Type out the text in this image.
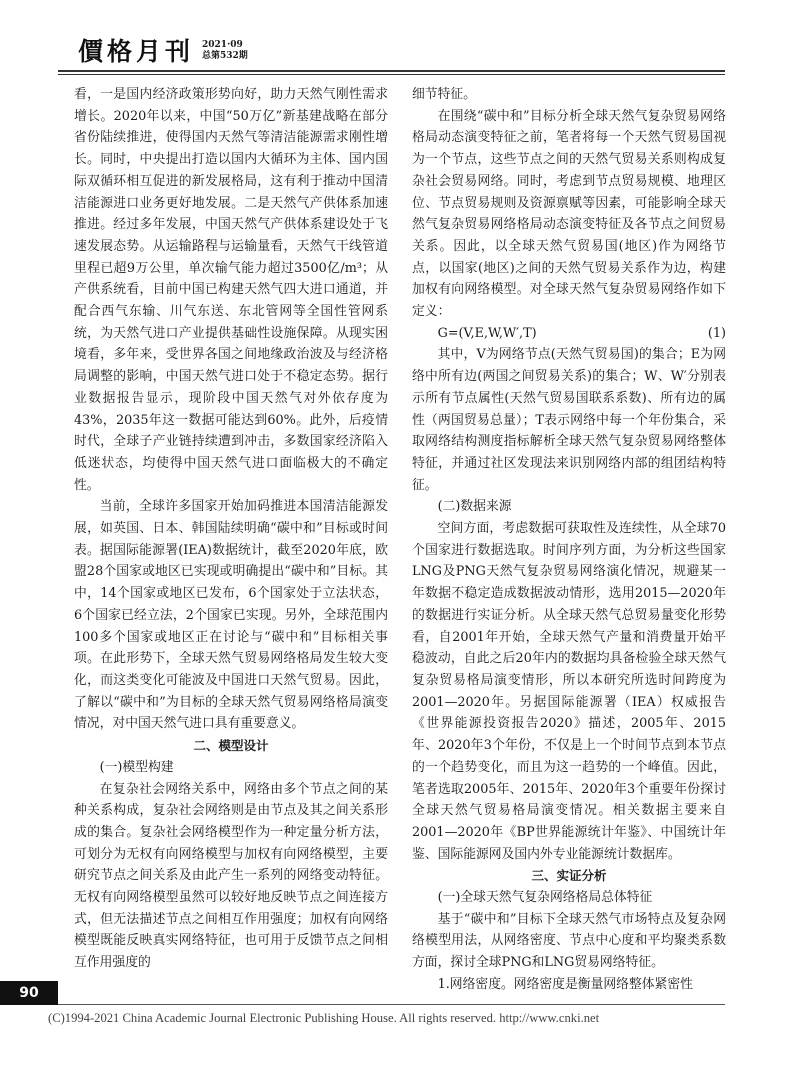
價格月刊 2021·09
总第532期

看，一是国内经济政策形势向好，助力天然气刚性需求增长。2020年以来，中国“50万亿”新基建战略在部分省份陆续推进，使得国内天然气等清洁能源需求刚性增长。同时，中央提出打造以国内大循环为主体、国内国际双循环相互促进的新发展格局，这有利于推动中国清洁能源进口业务更好地发展。二是天然气产供体系加速推进。经过多年发展，中国天然气产供体系建设处于飞速发展态势。从运输路程与运输量看，天然气干线管道里程已超9万公里，单次输气能力超过3500亿/m³；从产供系统看，目前中国已构建天然气四大进口通道，并配合西气东输、川气东送、东北管网等全国性管网系统，为天然气进口产业提供基础性设施保障。从现实困境看，多年来，受世界各国之间地缘政治波及与经济格局调整的影响，中国天然气进口处于不稳定态势。据行业数据报告显示，现阶段中国天然气对外依存度为43%，2035年这一数据可能达到60%。此外，后疫情时代，全球子产业链持续遭到冲击，多数国家经济陷入低迷状态，均使得中国天然气进口面临极大的不确定性。

当前，全球许多国家开始加码推进本国清洁能源发展，如英国、日本、韩国陆续明确“碳中和”目标或时间表。据国际能源署(IEA)数据统计，截至2020年底，欧盟28个国家或地区已实现或明确提出“碳中和”目标。其中，14个国家或地区已发布，6个国家处于立法状态，6个国家已经立法，2个国家已实现。另外，全球范围内100多个国家或地区正在讨论与“碳中和”目标相关事项。在此形势下，全球天然气贸易网络格局发生较大变化，而这类变化可能波及中国进口天然气贸易。因此，了解以“碳中和”为目标的全球天然气贸易网络格局演变情况，对中国天然气进口具有重要意义。

二、模型设计

(一)模型构建

在复杂社会网络关系中，网络由多个节点之间的某种关系构成，复杂社会网络则是由节点及其之间关系形成的集合。复杂社会网络模型作为一种定量分析方法，可划分为无权有向网络模型与加权有向网络模型，主要研究节点之间关系及由此产生一系列的网络变动特征。无权有向网络模型虽然可以较好地反映节点之间连接方式，但无法描述节点之间相互作用强度；加权有向网络模型既能反映真实网络特征，也可用于反馈节点之间相互作用强度的

细节特征。

在围绕“碳中和”目标分析全球天然气复杂贸易网络格局动态演变特征之前，笔者将每一个天然气贸易国视为一个节点，这些节点之间的天然气贸易关系则构成复杂社会贸易网络。同时，考虑到节点贸易规模、地理区位、节点贸易规则及资源禀赋等因素，可能影响全球天然气复杂贸易网络格局动态演变特征及各节点之间贸易关系。因此，以全球天然气贸易国(地区)作为网络节点，以国家(地区)之间的天然气贸易关系作为边，构建加权有向网络模型。对全球天然气复杂贸易网络作如下定义：

G=(V,E,W,W′,T)	(1)

其中，V为网络节点(天然气贸易国)的集合；E为网络中所有边(两国之间贸易关系)的集合；W、W′分别表示所有节点属性(天然气贸易国联系系数)、所有边的属性（两国贸易总量）；T表示网络中每一个年份集合，采取网络结构测度指标解析全球天然气复杂贸易网络整体特征，并通过社区发现法来识别网络内部的组团结构特征。

(二)数据来源

空间方面，考虑数据可获取性及连续性，从全球70个国家进行数据选取。时间序列方面，为分析这些国家LNG及PNG天然气复杂贸易网络演化情况，规避某一年数据不稳定造成数据波动情形，选用2015—2020年的数据进行实证分析。从全球天然气总贸易量变化形势看，自2001年开始，全球天然气产量和消费量开始平稳波动，自此之后20年内的数据均具备检验全球天然气复杂贸易格局演变情形，所以本研究所选时间跨度为2001—2020年。另据国际能源署（IEA）权威报告《世界能源投资报告2020》描述，2005年、2015年、2020年3个年份，不仅是上一个时间节点到本节点的一个趋势变化，而且为这一趋势的一个峰值。因此，笔者选取2005年、2015年、2020年3个重要年份探讨全球天然气贸易格局演变情况。相关数据主要来自2001—2020年《BP世界能源统计年鉴》、中国统计年鉴、国际能源网及国内外专业能源统计数据库。

三、实证分析

(一)全球天然气复杂网络格局总体特征

基于“碳中和”目标下全球天然气市场特点及复杂网络模型用法，从网络密度、节点中心度和平均聚类系数方面，探讨全球PNG和LNG贸易网络特征。

1.网络密度。网络密度是衡量网络整体紧密性

90
(C)1994-2021 China Academic Journal Electronic Publishing House. All rights reserved. http://www.cnki.net
